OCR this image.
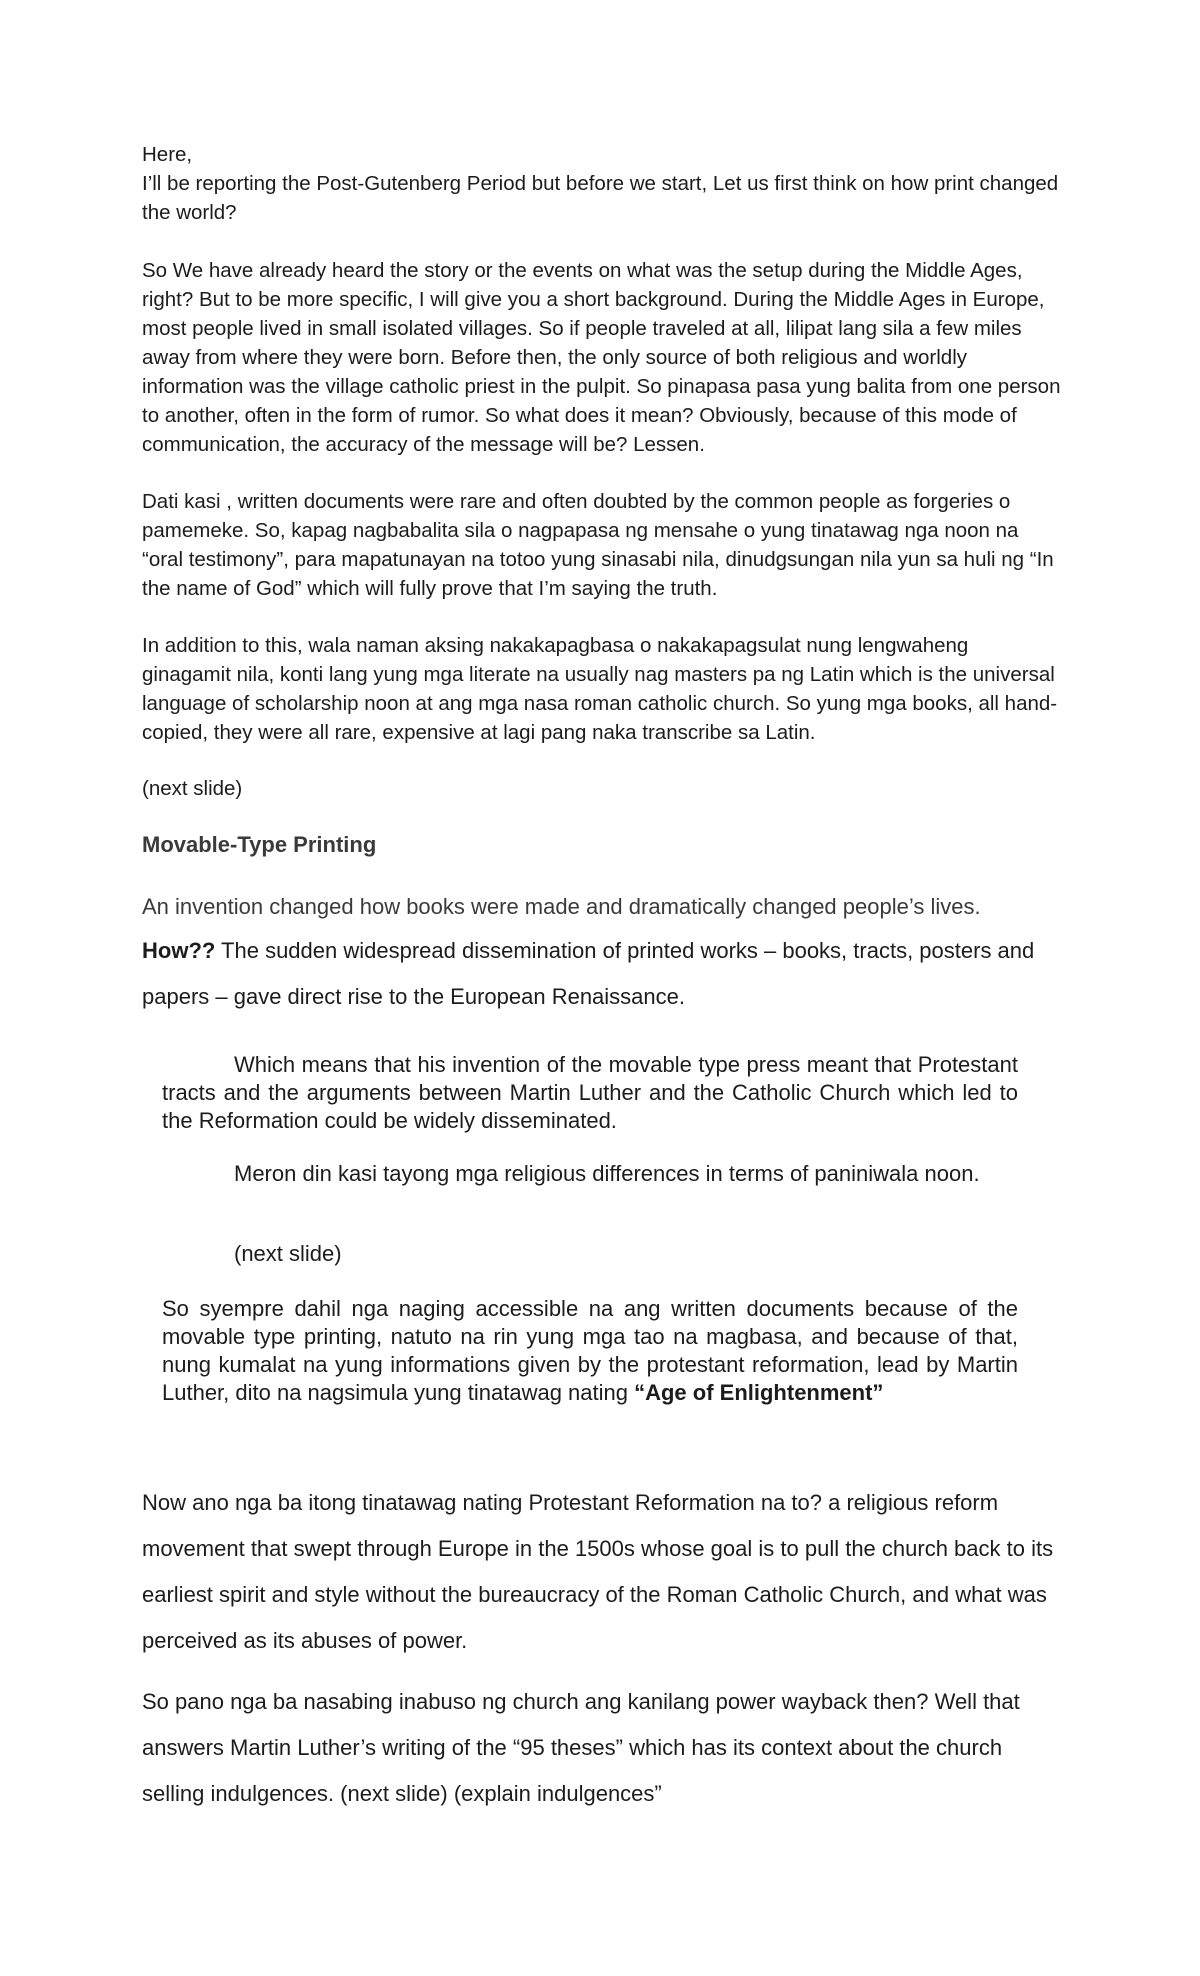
Here,

I’ll be reporting the Post-Gutenberg Period but before we start, Let us first think on how print changed the world?

So We have already heard the story or the events on what was the setup during the Middle Ages, right? But to be more specific, I will give you a short background. During the Middle Ages in Europe, most people lived in small isolated villages. So if people traveled at all, lilipat lang sila a few miles away from where they were born. Before then, the only source of both religious and worldly information was the village catholic priest in the pulpit. So pinapasa pasa yung balita from one person to another, often in the form of rumor. So what does it mean? Obviously, because of this mode of communication, the accuracy of the message will be? Lessen.

Dati kasi , written documents were rare and often doubted by the common people as forgeries o pamemeke. So, kapag nagbabalita sila o nagpapasa ng mensahe o yung tinatawag nga noon na “oral testimony”, para mapatunayan na totoo yung sinasabi nila, dinudgsungan nila yun sa huli ng “In the name of God” which will fully prove that I’m saying the truth.

In addition to this, wala naman aksing nakakapagbasa o nakakapagsulat nung lengwaheng ginagamit nila, konti lang yung mga literate na usually nag masters pa ng Latin which is the universal language of scholarship noon at ang mga nasa roman catholic church. So yung mga books, all hand-copied, they were all rare, expensive at lagi pang naka transcribe sa Latin.

(next slide)

Movable-Type Printing

An invention changed how books were made and dramatically changed people’s lives.

How?? The sudden widespread dissemination of printed works – books, tracts, posters and papers – gave direct rise to the European Renaissance.

Which means that his invention of the movable type press meant that Protestant tracts and the arguments between Martin Luther and the Catholic Church which led to the Reformation could be widely disseminated.

Meron din kasi tayong mga religious differences in terms of paniniwala noon.

(next slide)

So syempre dahil nga naging accessible na ang written documents because of the movable type printing, natuto na rin yung mga tao na magbasa, and because of that, nung kumalat na yung informations given by the protestant reformation, lead by Martin Luther, dito na nagsimula yung tinatawag nating “Age of Enlightenment”

Now ano nga ba itong tinatawag nating Protestant Reformation na to? a religious reform movement that swept through Europe in the 1500s whose goal is to pull the church back to its earliest spirit and style without the bureaucracy of the Roman Catholic Church, and what was perceived as its abuses of power.

So pano nga ba nasabing inabuso ng church ang kanilang power wayback then? Well that answers Martin Luther’s writing of the “95 theses” which has its context about the church selling indulgences. (next slide) (explain indulgences”
